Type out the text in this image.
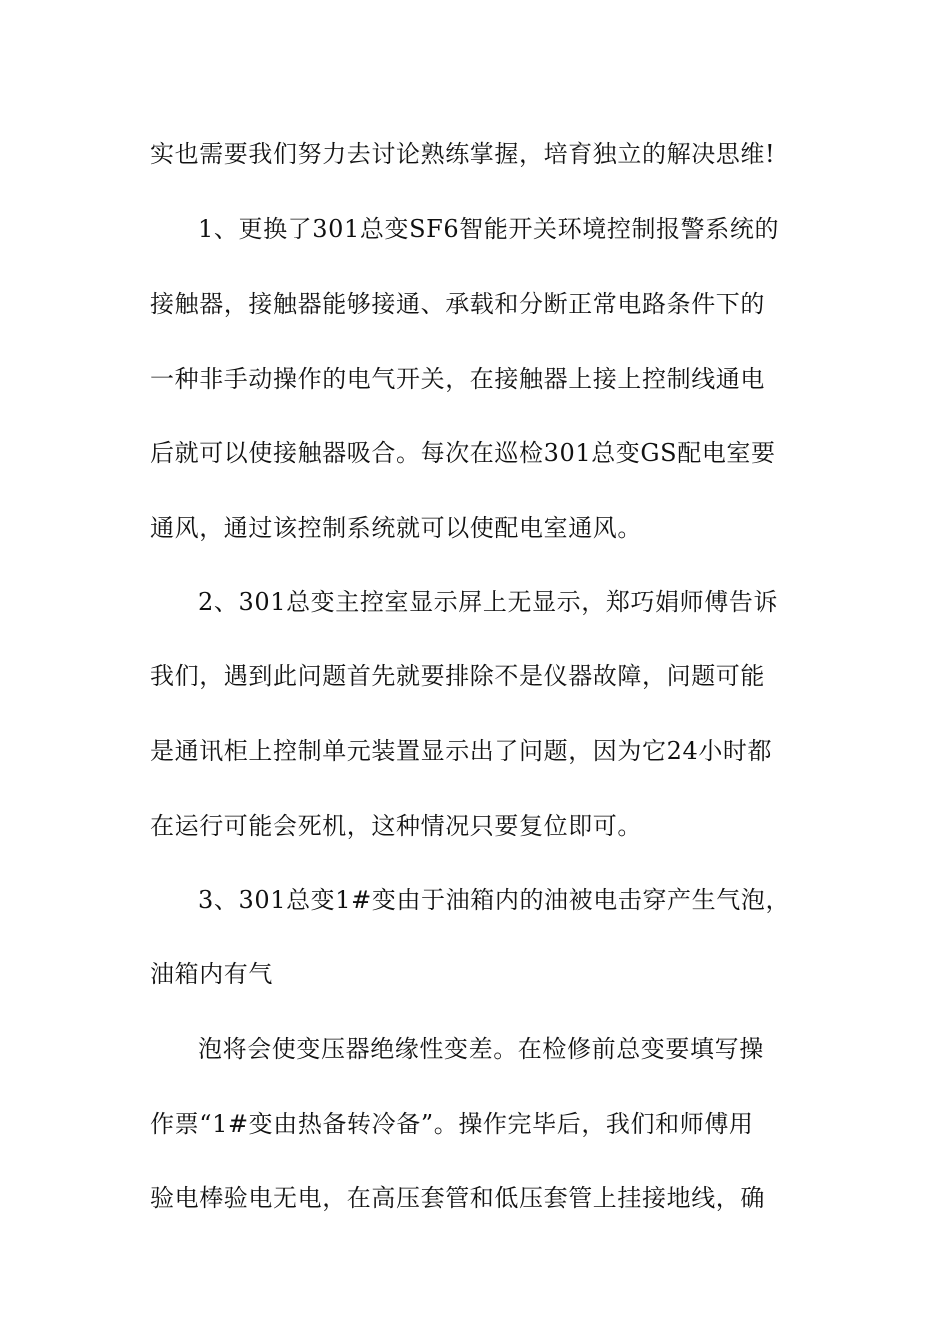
实也需要我们努力去讨论熟练掌握，培育独立的解决思维!
1、更换了301总变SF6智能开关环境控制报警系统的
接触器，接触器能够接通、承载和分断正常电路条件下的
一种非手动操作的电气开关，在接触器上接上控制线通电
后就可以使接触器吸合。每次在巡检301总变GS配电室要
通风，通过该控制系统就可以使配电室通风。
2、301总变主控室显示屏上无显示，郑巧娟师傅告诉
我们，遇到此问题首先就要排除不是仪器故障，问题可能
是通讯柜上控制单元装置显示出了问题，因为它24小时都
在运行可能会死机，这种情况只要复位即可。
3、301总变1#变由于油箱内的油被电击穿产生气泡，
油箱内有气
泡将会使变压器绝缘性变差。在检修前总变要填写操
作票“1#变由热备转冷备”。操作完毕后，我们和师傅用
验电棒验电无电，在高压套管和低压套管上挂接地线，确
